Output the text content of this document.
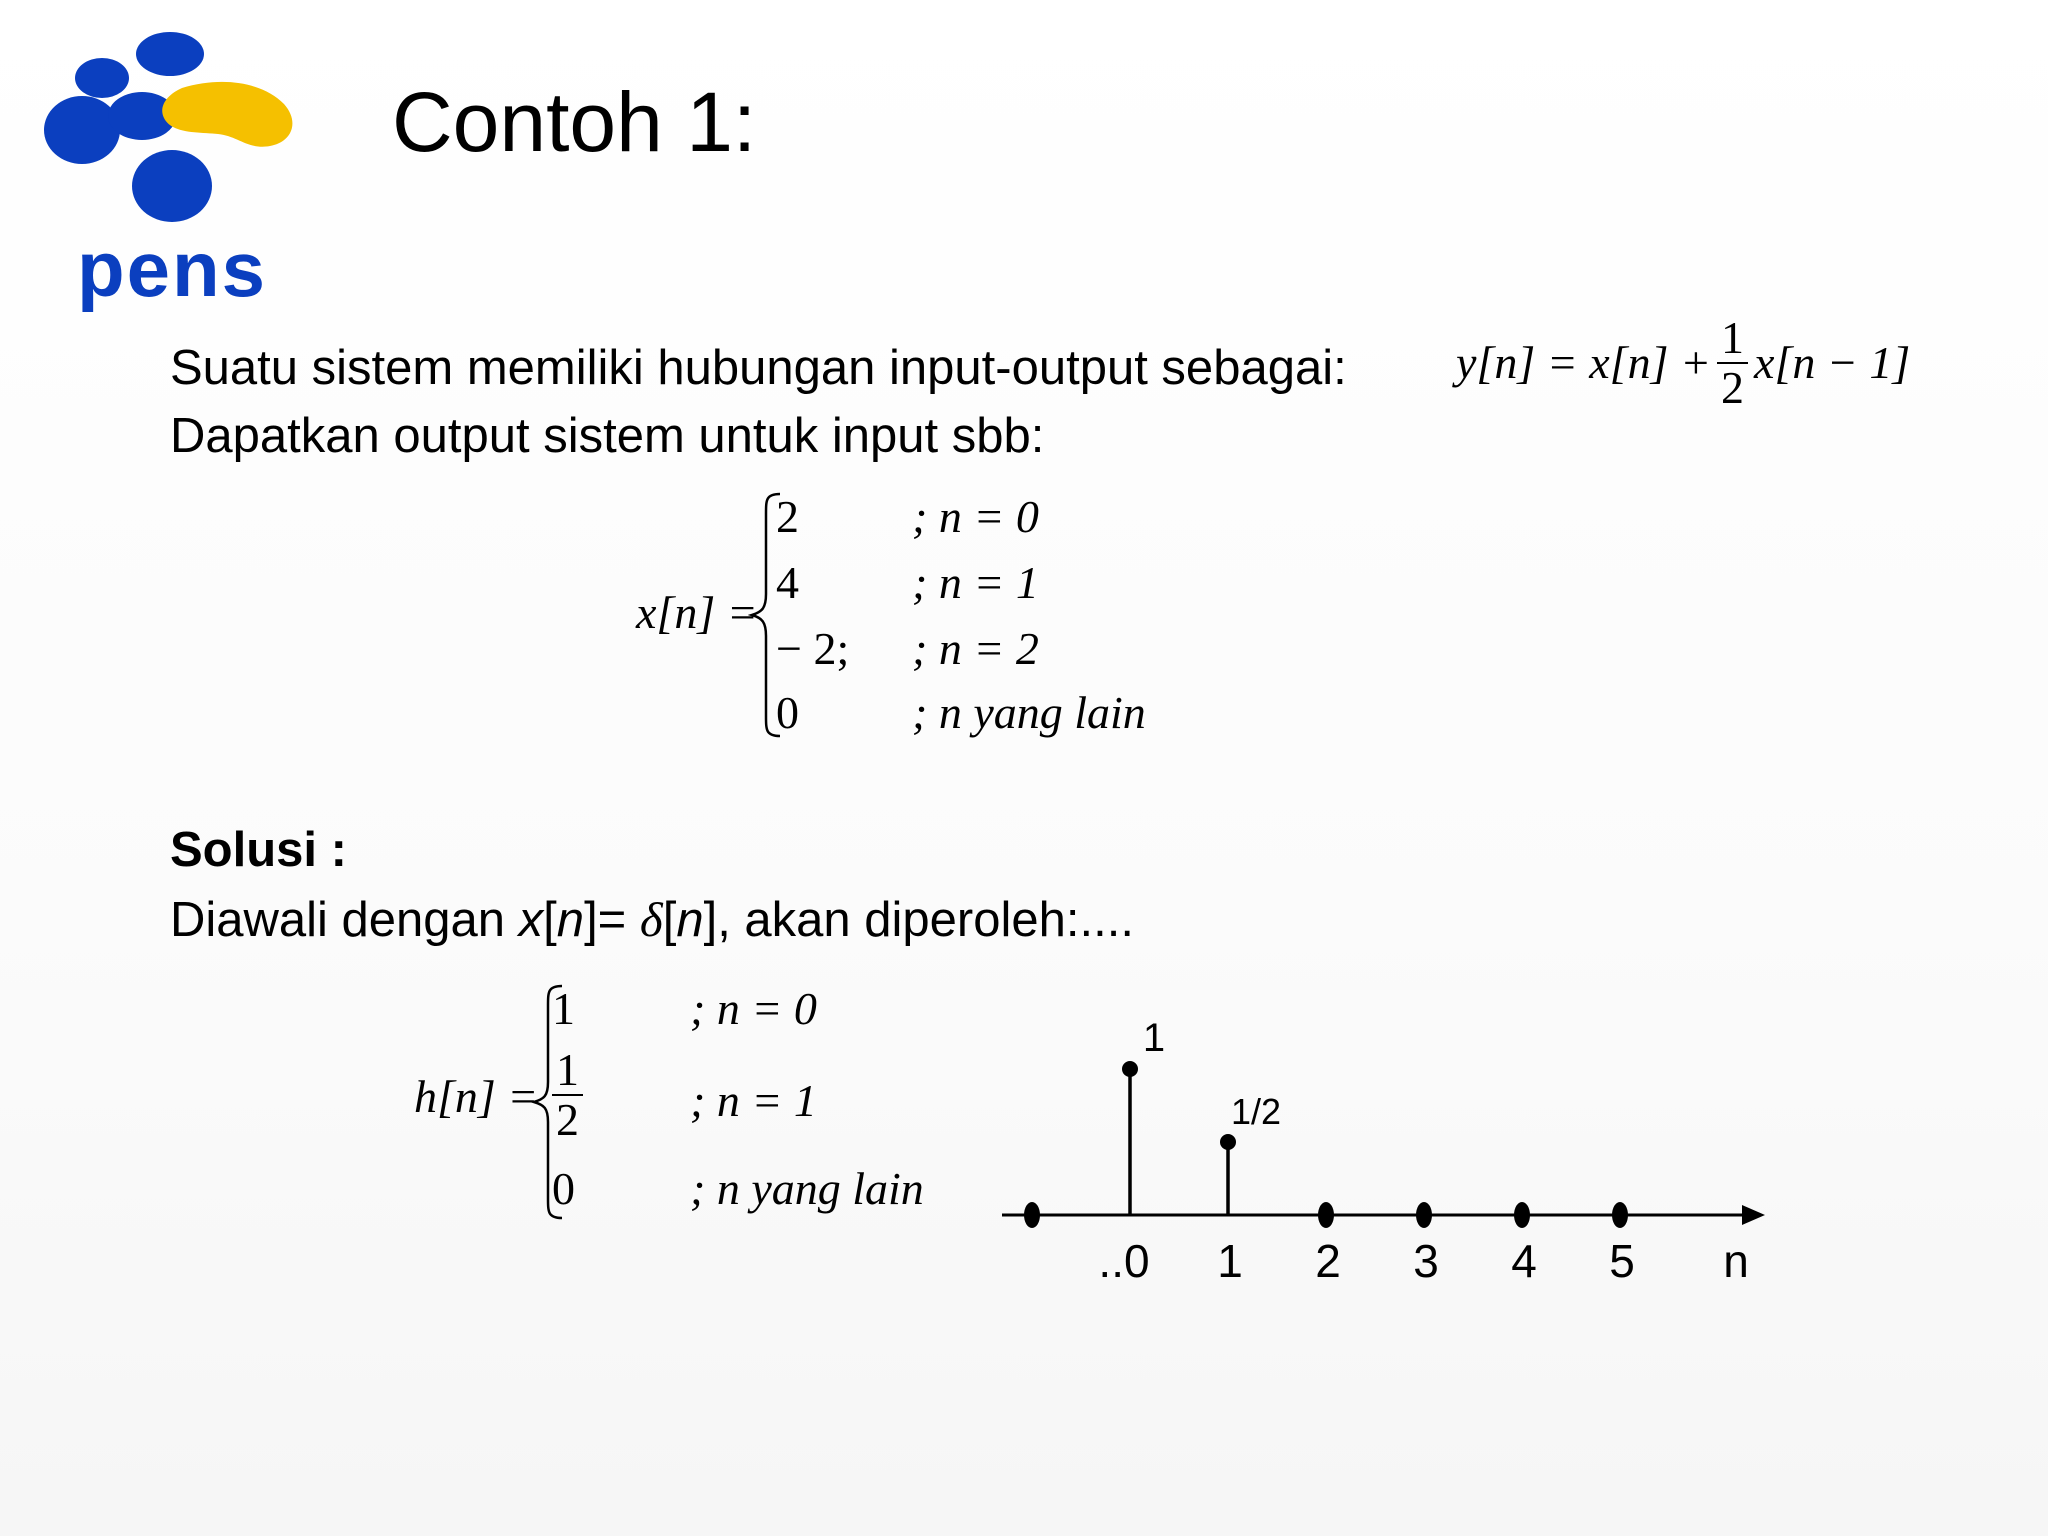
pens
Contoh 1:
Suatu sistem memiliki hubungan input-output sebagai:
Dapatkan output sistem untuk input sbb:
$y[n] = x[n] + \frac{1}{2} x[n - 1]$
x[n] =
2 ; n = 0
4 ; n = 1
− 2; ; n = 2
0 ; n yang lain
Solusi :
Diawali dengan x[n]= δ[n], akan diperoleh:....
h[n] =
1	; n = 0
$\frac{1}{2}$ ; n = 1
0	; n yang lain
..0 1 2 3 4 5
1
1/2
n
